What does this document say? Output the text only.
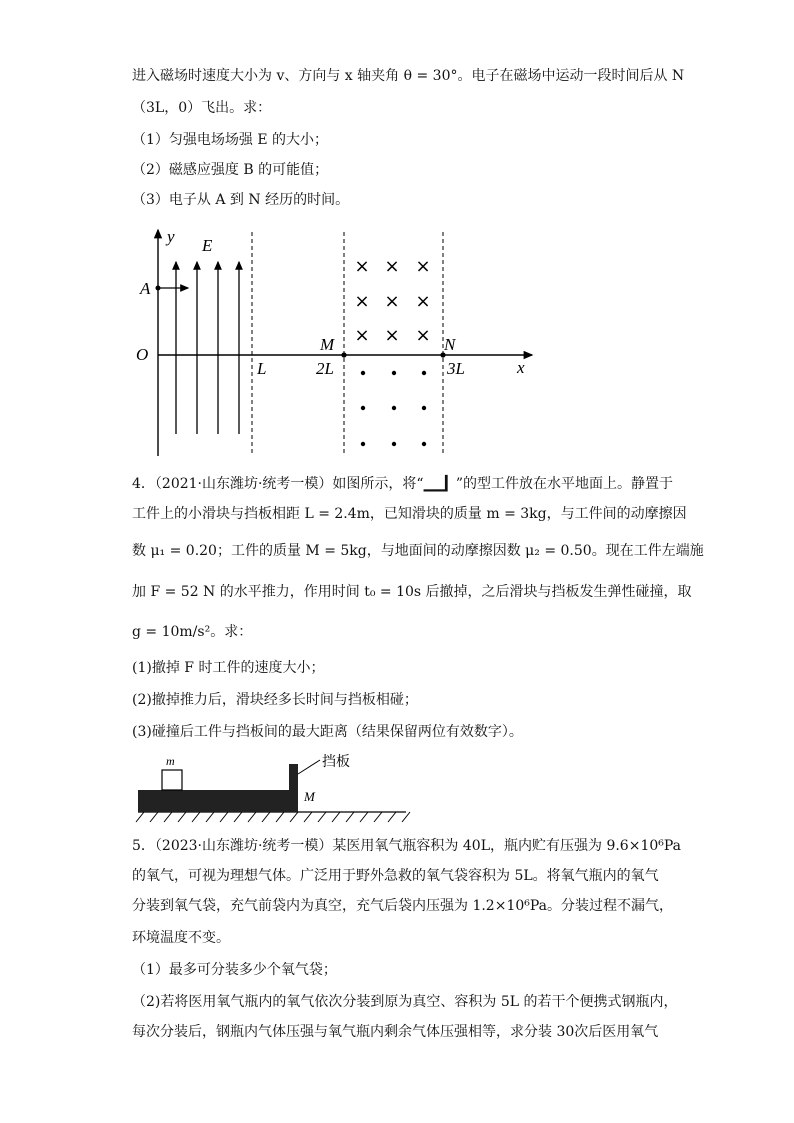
进入磁场时速度大小为 v、方向与 x 轴夹角 θ = 30°。电子在磁场中运动一段时间后从 N
（3L，0）飞出。求：
（1）匀强电场场强 E 的大小；
（2）磁感应强度 B 的可能值；
（3）电子从 A 到 N 经历的时间。
× × ×
× × ×
× × ×
y E
A
O
L
M
2L
N
3L	x
4．（2021·山东潍坊·统考一模）如图所示，将“▁▁▎”的型工件放在水平地面上。静置于
工件上的小滑块与挡板相距 L = 2.4m，已知滑块的质量 m = 3kg，与工件间的动摩擦因
数 μ₁ = 0.20；工件的质量 M = 5kg，与地面间的动摩擦因数 μ₂ = 0.50。现在工件左端施
加 F = 52 N 的水平推力，作用时间 t₀ = 10s 后撤掉，之后滑块与挡板发生弹性碰撞，取
g = 10m/s²。求：
(1)撤掉 F 时工件的速度大小；
(2)撤掉推力后，滑块经多长时间与挡板相碰；
(3)碰撞后工件与挡板间的最大距离（结果保留两位有效数字）。
m
M
挡板
5．（2023·山东潍坊·统考一模）某医用氧气瓶容积为 40L，瓶内贮有压强为 9.6×10⁶Pa
的氧气，可视为理想气体。广泛用于野外急救的氧气袋容积为 5L。将氧气瓶内的氧气
分装到氧气袋，充气前袋内为真空，充气后袋内压强为 1.2×10⁶Pa。分装过程不漏气，
环境温度不变。
（1）最多可分装多少个氧气袋；
（2)若将医用氧气瓶内的氧气依次分装到原为真空、容积为 5L 的若干个便携式钢瓶内，
每次分装后，钢瓶内气体压强与氧气瓶内剩余气体压强相等，求分装 30次后医用氧气
